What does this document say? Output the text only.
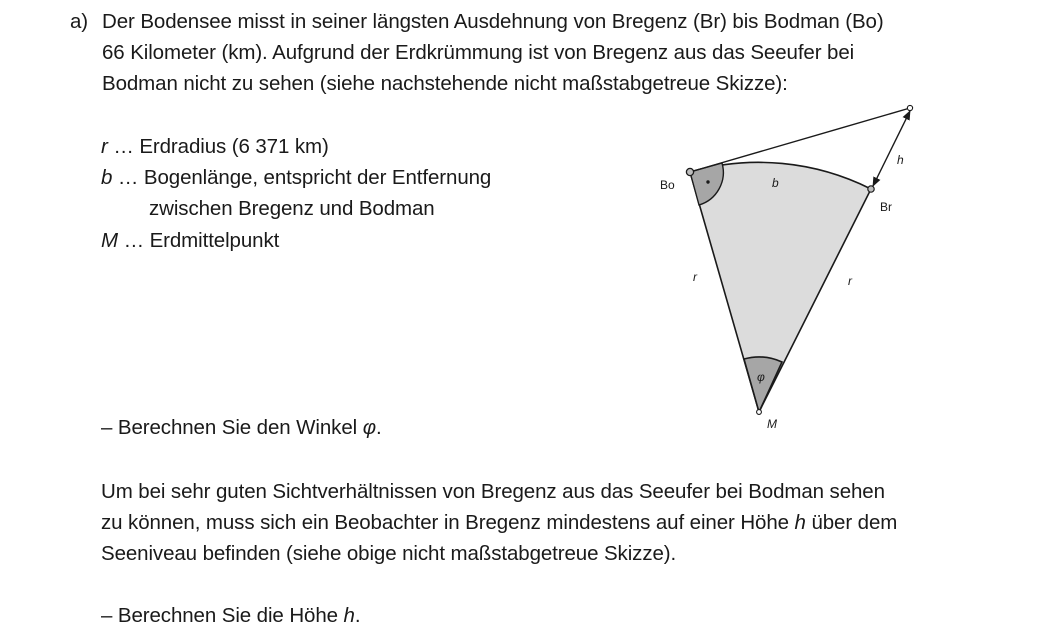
a) Der Bodensee misst in seiner längsten Ausdehnung von Bregenz (Br) bis Bodman (Bo)
66 Kilometer (km). Aufgrund der Erdkrümmung ist von Bregenz aus das Seeufer bei
Bodman nicht zu sehen (siehe nachstehende nicht maßstabgetreue Skizze):
r … Erdradius (6 371 km)
b … Bogenlänge, entspricht der Entfernung
zwischen Bregenz und Bodman
M … Erdmittelpunkt
– Berechnen Sie den Winkel φ.
Um bei sehr guten Sichtverhältnissen von Bregenz aus das Seeufer bei Bodman sehen
zu können, muss sich ein Beobachter in Bregenz mindestens auf einer Höhe h über dem
Seeniveau befinden (siehe obige nicht maßstabgetreue Skizze).
– Berechnen Sie die Höhe h.
Bo
Br
b
h
r	r
φ
M
